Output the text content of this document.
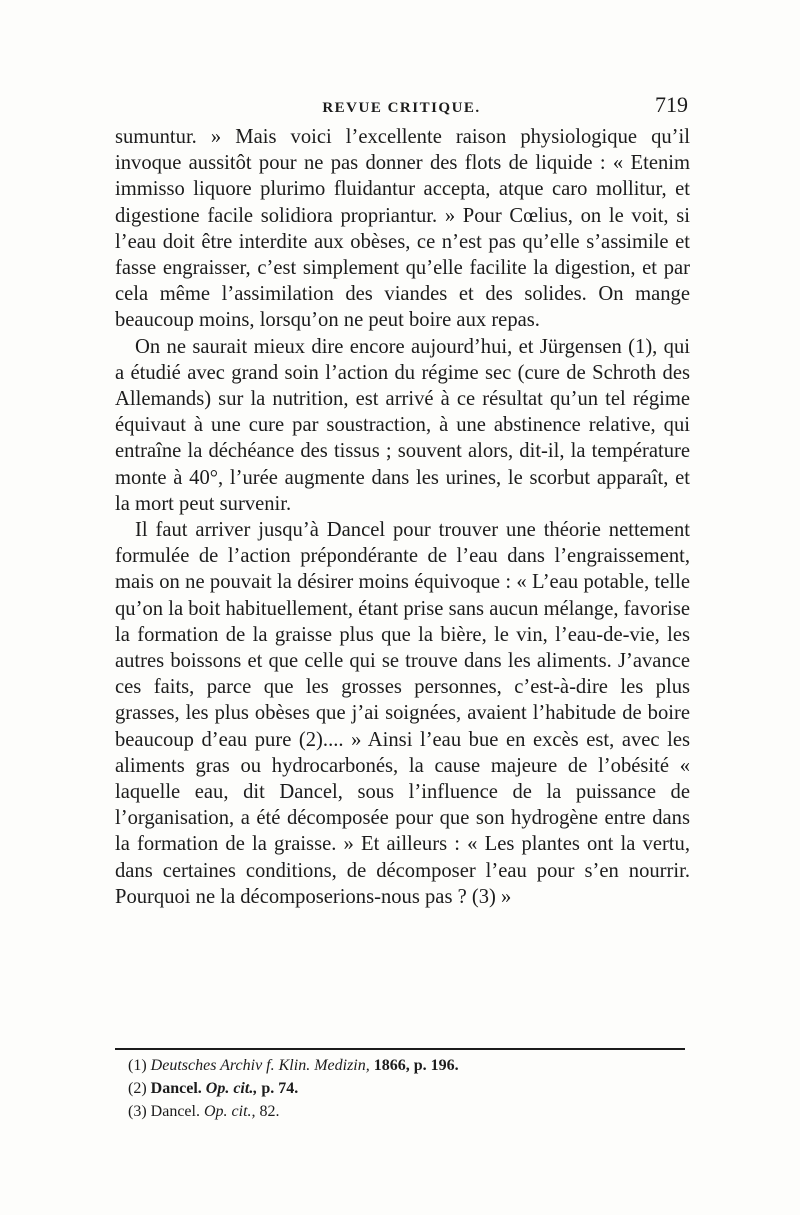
REVUE CRITIQUE.	719

sumuntur. » Mais voici l’excellente raison physiologique qu’il invoque aussitôt pour ne pas donner des flots de liquide : « Etenim immisso liquore plurimo fluidantur accepta, atque caro mollitur, et digestione facile solidiora propriantur. » Pour Cœlius, on le voit, si l’eau doit être interdite aux obèses, ce n’est pas qu’elle s’assimile et fasse engraisser, c’est simplement qu’elle facilite la digestion, et par cela même l’assimilation des viandes et des solides. On mange beaucoup moins, lorsqu’on ne peut boire aux repas.

On ne saurait mieux dire encore aujourd’hui, et Jürgensen (1), qui a étudié avec grand soin l’action du régime sec (cure de Schroth des Allemands) sur la nutrition, est arrivé à ce résultat qu’un tel régime équivaut à une cure par soustraction, à une abstinence relative, qui entraîne la déchéance des tissus ; souvent alors, dit-il, la température monte à 40°, l’urée augmente dans les urines, le scorbut apparaît, et la mort peut survenir.

Il faut arriver jusqu’à Dancel pour trouver une théorie nettement formulée de l’action prépondérante de l’eau dans l’engraissement, mais on ne pouvait la désirer moins équivoque : « L’eau potable, telle qu’on la boit habituellement, étant prise sans aucun mélange, favorise la formation de la graisse plus que la bière, le vin, l’eau-de-vie, les autres boissons et que celle qui se trouve dans les aliments. J’avance ces faits, parce que les grosses personnes, c’est-à-dire les plus grasses, les plus obèses que j’ai soignées, avaient l’habitude de boire beaucoup d’eau pure (2).... » Ainsi l’eau bue en excès est, avec les aliments gras ou hydrocarbonés, la cause majeure de l’obésité « laquelle eau, dit Dancel, sous l’influence de la puissance de l’organisation, a été décomposée pour que son hydrogène entre dans la formation de la graisse. » Et ailleurs : « Les plantes ont la vertu, dans certaines conditions, de décomposer l’eau pour s’en nourrir. Pourquoi ne la décomposerions-nous pas ? (3) »

(1) Deutsches Archiv f. Klin. Medizin, 1866, p. 196.

(2) Dancel. Op. cit., p. 74.

(3) Dancel. Op. cit., 82.
